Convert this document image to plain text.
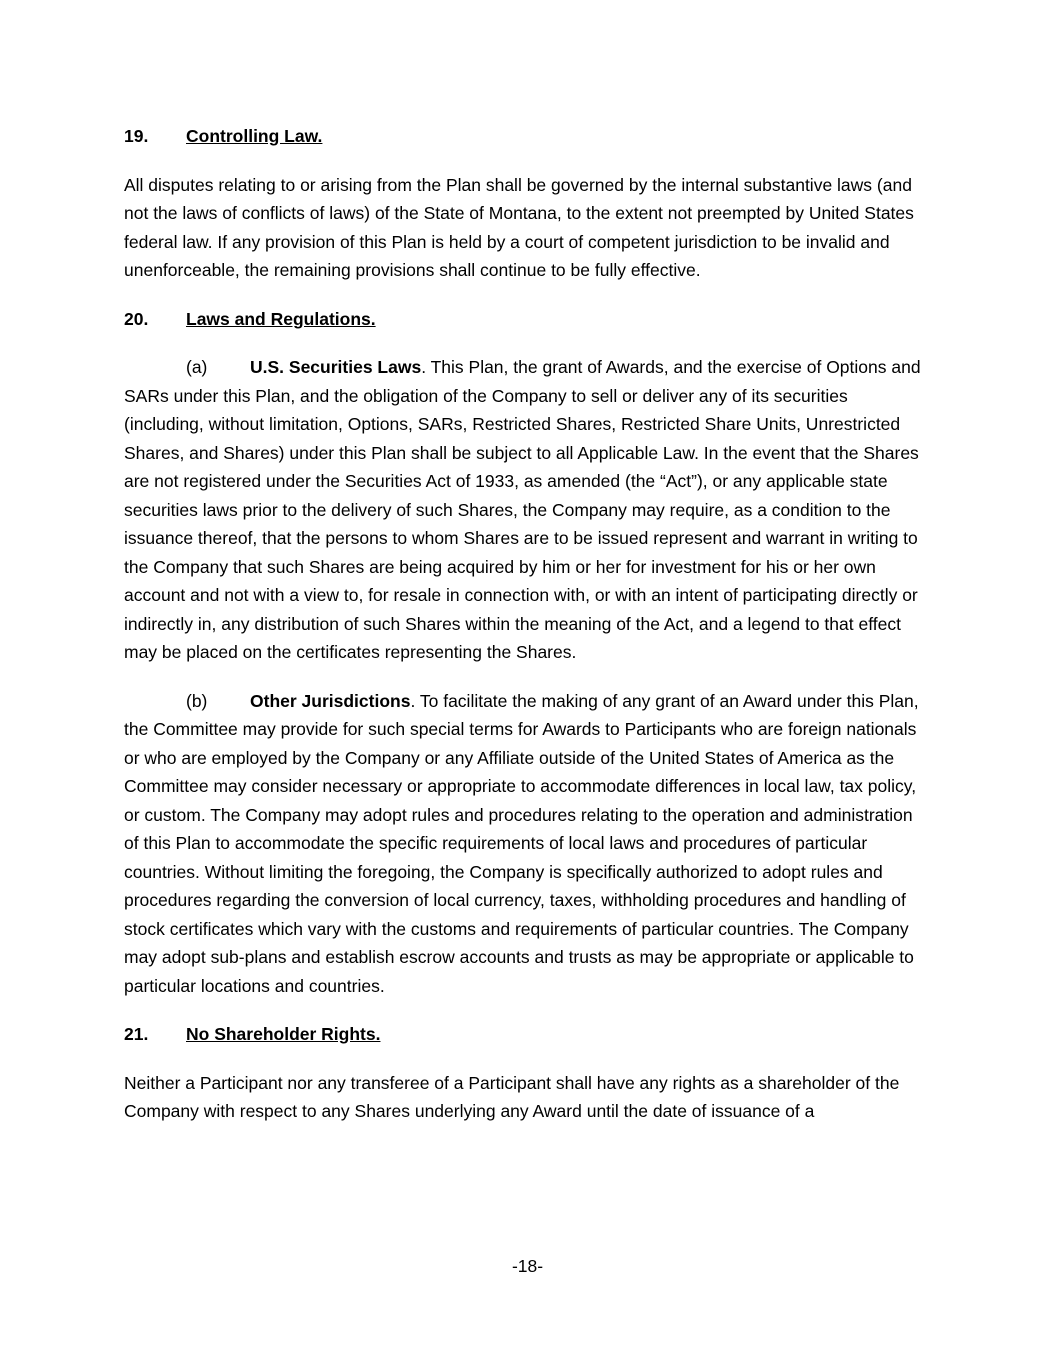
19. Controlling Law.

All disputes relating to or arising from the Plan shall be governed by the internal substantive laws (and not the laws of conflicts of laws) of the State of Montana, to the extent not preempted by United States federal law. If any provision of this Plan is held by a court of competent jurisdiction to be invalid and unenforceable, the remaining provisions shall continue to be fully effective.

20. Laws and Regulations.

(a) U.S. Securities Laws. This Plan, the grant of Awards, and the exercise of Options and SARs under this Plan, and the obligation of the Company to sell or deliver any of its securities (including, without limitation, Options, SARs, Restricted Shares, Restricted Share Units, Unrestricted Shares, and Shares) under this Plan shall be subject to all Applicable Law. In the event that the Shares are not registered under the Securities Act of 1933, as amended (the “Act”), or any applicable state securities laws prior to the delivery of such Shares, the Company may require, as a condition to the issuance thereof, that the persons to whom Shares are to be issued represent and warrant in writing to the Company that such Shares are being acquired by him or her for investment for his or her own account and not with a view to, for resale in connection with, or with an intent of participating directly or indirectly in, any distribution of such Shares within the meaning of the Act, and a legend to that effect may be placed on the certificates representing the Shares.

(b) Other Jurisdictions. To facilitate the making of any grant of an Award under this Plan, the Committee may provide for such special terms for Awards to Participants who are foreign nationals or who are employed by the Company or any Affiliate outside of the United States of America as the Committee may consider necessary or appropriate to accommodate differences in local law, tax policy, or custom. The Company may adopt rules and procedures relating to the operation and administration of this Plan to accommodate the specific requirements of local laws and procedures of particular countries. Without limiting the foregoing, the Company is specifically authorized to adopt rules and procedures regarding the conversion of local currency, taxes, withholding procedures and handling of stock certificates which vary with the customs and requirements of particular countries. The Company may adopt sub-plans and establish escrow accounts and trusts as may be appropriate or applicable to particular locations and countries.

21. No Shareholder Rights.

Neither a Participant nor any transferee of a Participant shall have any rights as a shareholder of the Company with respect to any Shares underlying any Award until the date of issuance of a

-18-
